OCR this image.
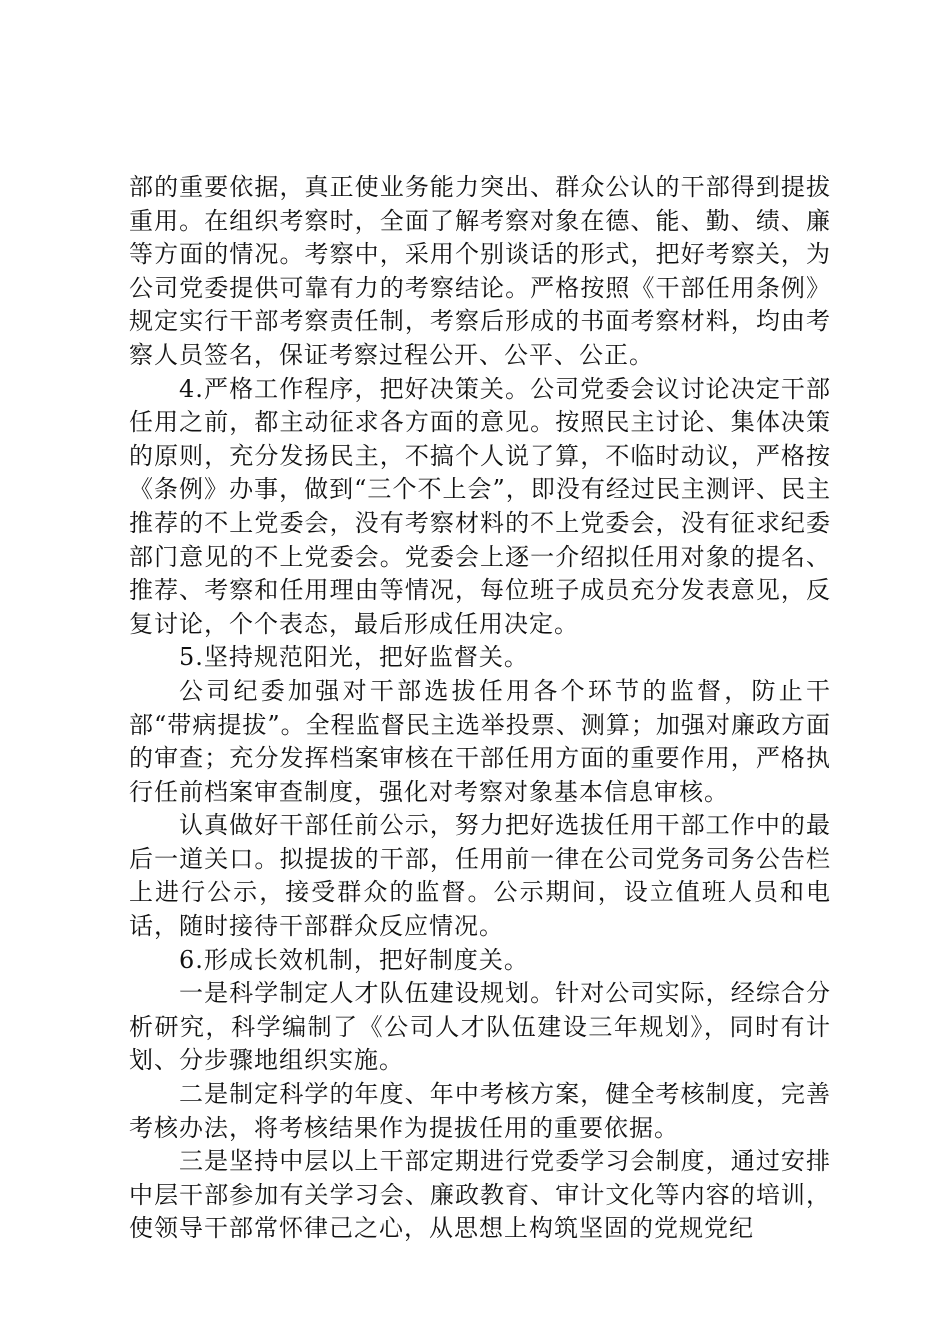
部的重要依据，真正使业务能力突出、群众公认的干部得到提拔重用。在组织考察时，全面了解考察对象在德、能、勤、绩、廉等方面的情况。考察中，采用个别谈话的形式，把好考察关，为公司党委提供可靠有力的考察结论。严格按照《干部任用条例》规定实行干部考察责任制，考察后形成的书面考察材料，均由考察人员签名，保证考察过程公开、公平、公正。

4.严格工作程序，把好决策关。公司党委会议讨论决定干部任用之前，都主动征求各方面的意见。按照民主讨论、集体决策的原则，充分发扬民主，不搞个人说了算，不临时动议，严格按《条例》办事，做到“三个不上会”，即没有经过民主测评、民主推荐的不上党委会，没有考察材料的不上党委会，没有征求纪委部门意见的不上党委会。党委会上逐一介绍拟任用对象的提名、推荐、考察和任用理由等情况，每位班子成员充分发表意见，反复讨论，个个表态，最后形成任用决定。

5.坚持规范阳光，把好监督关。

公司纪委加强对干部选拔任用各个环节的监督，防止干部“带病提拔”。全程监督民主选举投票、测算；加强对廉政方面的审查；充分发挥档案审核在干部任用方面的重要作用，严格执行任前档案审查制度，强化对考察对象基本信息审核。

认真做好干部任前公示，努力把好选拔任用干部工作中的最后一道关口。拟提拔的干部，任用前一律在公司党务司务公告栏上进行公示，接受群众的监督。公示期间，设立值班人员和电话，随时接待干部群众反应情况。

6.形成长效机制，把好制度关。

一是科学制定人才队伍建设规划。针对公司实际，经综合分析研究，科学编制了《公司人才队伍建设三年规划》，同时有计划、分步骤地组织实施。

二是制定科学的年度、年中考核方案，健全考核制度，完善考核办法，将考核结果作为提拔任用的重要依据。

三是坚持中层以上干部定期进行党委学习会制度，通过安排中层干部参加有关学习会、廉政教育、审计文化等内容的培训，使领导干部常怀律己之心，从思想上构筑坚固的党规党纪
